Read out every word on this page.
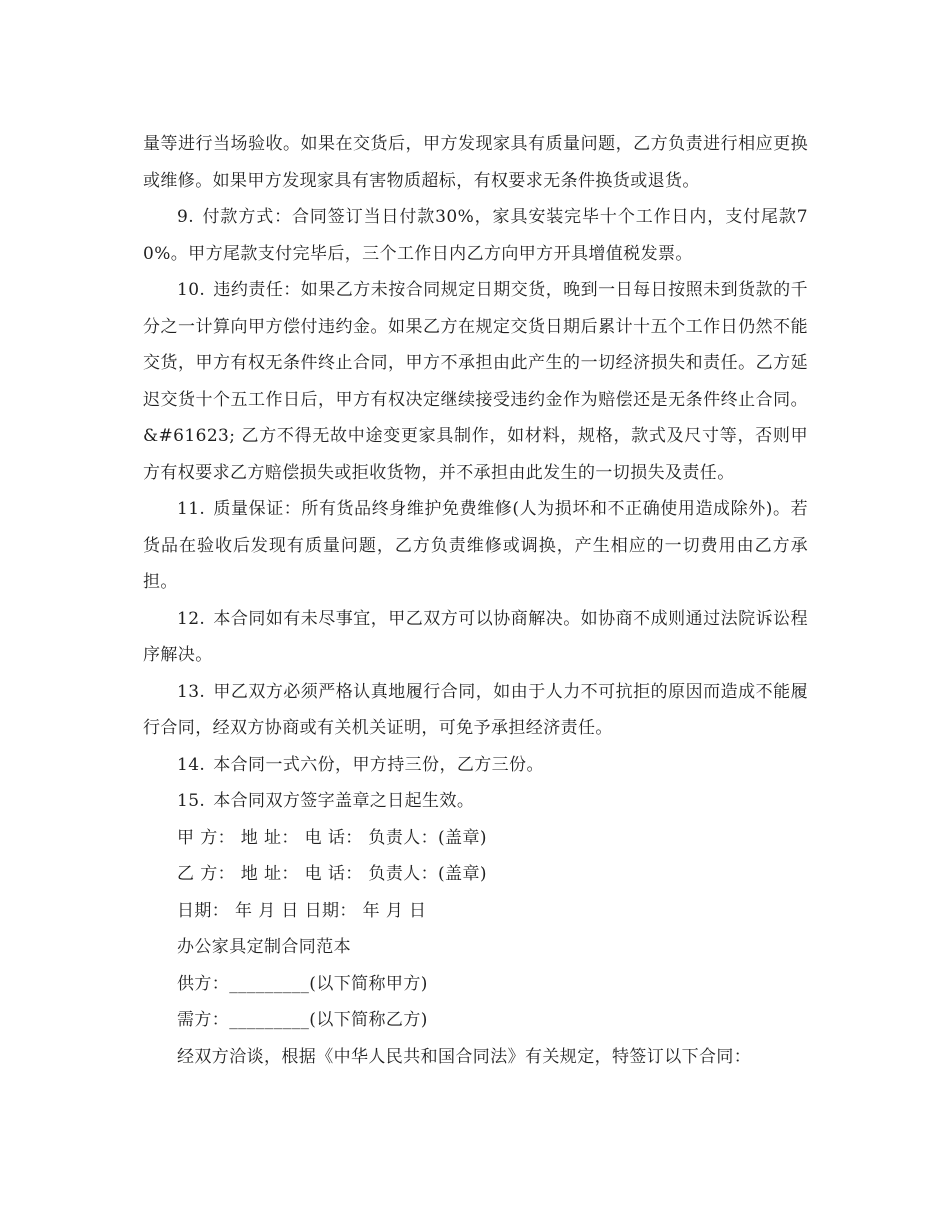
量等进行当场验收。如果在交货后，甲方发现家具有质量问题，乙方负责进行相应更换或维修。如果甲方发现家具有害物质超标，有权要求无条件换货或退货。

9. 付款方式：合同签订当日付款30%，家具安装完毕十个工作日内，支付尾款70%。甲方尾款支付完毕后，三个工作日内乙方向甲方开具增值税发票。

10. 违约责任：如果乙方未按合同规定日期交货，晚到一日每日按照未到货款的千分之一计算向甲方偿付违约金。如果乙方在规定交货日期后累计十五个工作日仍然不能交货，甲方有权无条件终止合同，甲方不承担由此产生的一切经济损失和责任。乙方延迟交货十个五工作日后，甲方有权决定继续接受违约金作为赔偿还是无条件终止合同。 &#61623; 乙方不得无故中途变更家具制作，如材料，规格，款式及尺寸等，否则甲方有权要求乙方赔偿损失或拒收货物，并不承担由此发生的一切损失及责任。

11. 质量保证：所有货品终身维护免费维修(人为损坏和不正确使用造成除外)。若货品在验收后发现有质量问题，乙方负责维修或调换，产生相应的一切费用由乙方承担。

12. 本合同如有未尽事宜，甲乙双方可以协商解决。如协商不成则通过法院诉讼程序解决。

13. 甲乙双方必须严格认真地履行合同，如由于人力不可抗拒的原因而造成不能履行合同，经双方协商或有关机关证明，可免予承担经济责任。

14. 本合同一式六份，甲方持三份，乙方三份。

15. 本合同双方签字盖章之日起生效。

甲 方： 地 址： 电 话： 负责人：(盖章)

乙 方： 地 址： 电 话： 负责人：(盖章)

日期： 年 月 日 日期： 年 月 日

办公家具定制合同范本

供方：_________(以下简称甲方)

需方：_________(以下简称乙方)

经双方洽谈，根据《中华人民共和国合同法》有关规定，特签订以下合同：
